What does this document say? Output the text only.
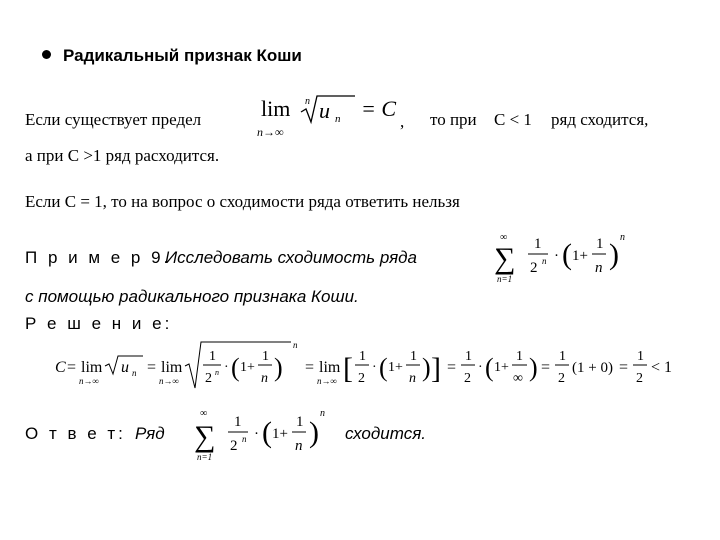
Радикальный признак Коши
Если существует предел	lim
n→∞
n u n = C
, то при C < 1 ряд сходится,
а при C >1 ряд расходится.
Если C = 1, то на вопрос о сходимости ряда ответить нельзя
П р и м е р 9.
Исследовать сходимость ряда
∞
∑
n=1
1
2 n · ( 1+
1
n )
n
с помощью радикального признака Коши.
Р е ш е н и е:
C = lim
n→∞
u n = lim
n→∞
1
2 n · ( 1+
1
n )
n
= lim
n→∞ [ 1
2
· ( 1+
1
n ) ] =
1
2
· ( 1+
1
∞ ) =
1
2
(1 + 0) =
1
2
< 1
О т в е т: Ряд
∞
∑
n=1
1
2 n · ( 1+
1
n )
n
сходится.
